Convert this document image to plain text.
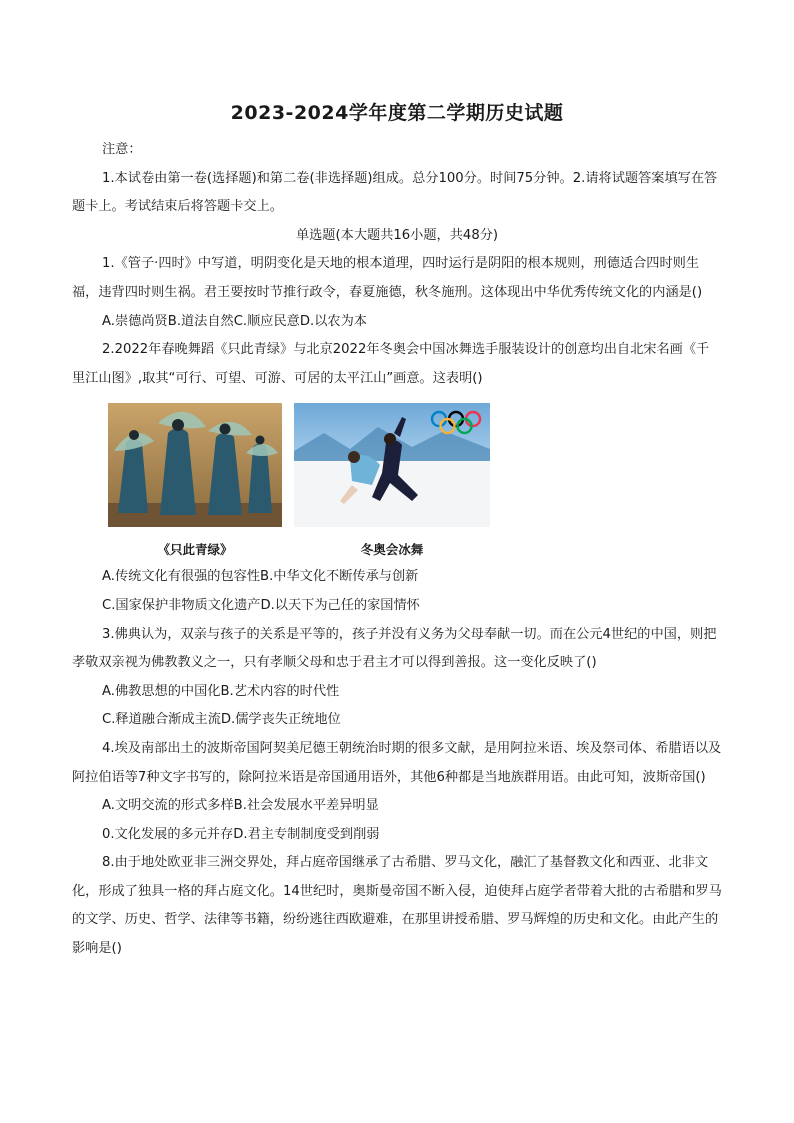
2023-2024学年度第二学期历史试题

注意：

1.本试卷由第一卷(选择题)和第二卷(非选择题)组成。总分100分。时间75分钟。2.请将试题答案填写在答题卡上。考试结束后将答题卡交上。

单选题(本大题共16小题，共48分)

1.《管子·四时》中写道，明阴变化是天地的根本道理，四时运行是阴阳的根本规则，刑德适合四时则生福，违背四时则生祸。君王要按时节推行政令，春夏施德，秋冬施刑。这体现出中华优秀传统文化的内涵是()

A.崇德尚贤B.道法自然C.顺应民意D.以农为本

2.2022年春晚舞蹈《只此青绿》与北京2022年冬奥会中国冰舞选手服装设计的创意均出自北宋名画《千里江山图》,取其“可行、可望、可游、可居的太平江山”画意。这表明()

《只此青绿》	冬奥会冰舞

A.传统文化有很强的包容性B.中华文化不断传承与创新

C.国家保护非物质文化遗产D.以天下为己任的家国情怀

3.佛典认为，双亲与孩子的关系是平等的，孩子并没有义务为父母奉献一切。而在公元4世纪的中国，则把孝敬双亲视为佛教教义之一，只有孝顺父母和忠于君主才可以得到善报。这一变化反映了()

A.佛教思想的中国化B.艺术内容的时代性

C.释道融合渐成主流D.儒学丧失正统地位

4.埃及南部出土的波斯帝国阿契美尼德王朝统治时期的很多文献，是用阿拉米语、埃及祭司体、希腊语以及阿拉伯语等7种文字书写的，除阿拉米语是帝国通用语外，其他6种都是当地族群用语。由此可知，波斯帝国()

A.文明交流的形式多样B.社会发展水平差异明显

0.文化发展的多元并存D.君主专制制度受到削弱

8.由于地处欧亚非三洲交界处，拜占庭帝国继承了古希腊、罗马文化，融汇了基督教文化和西亚、北非文化，形成了独具一格的拜占庭文化。14世纪时，奥斯曼帝国不断入侵，迫使拜占庭学者带着大批的古希腊和罗马的文学、历史、哲学、法律等书籍，纷纷逃往西欧避难，在那里讲授希腊、罗马辉煌的历史和文化。由此产生的影响是()
